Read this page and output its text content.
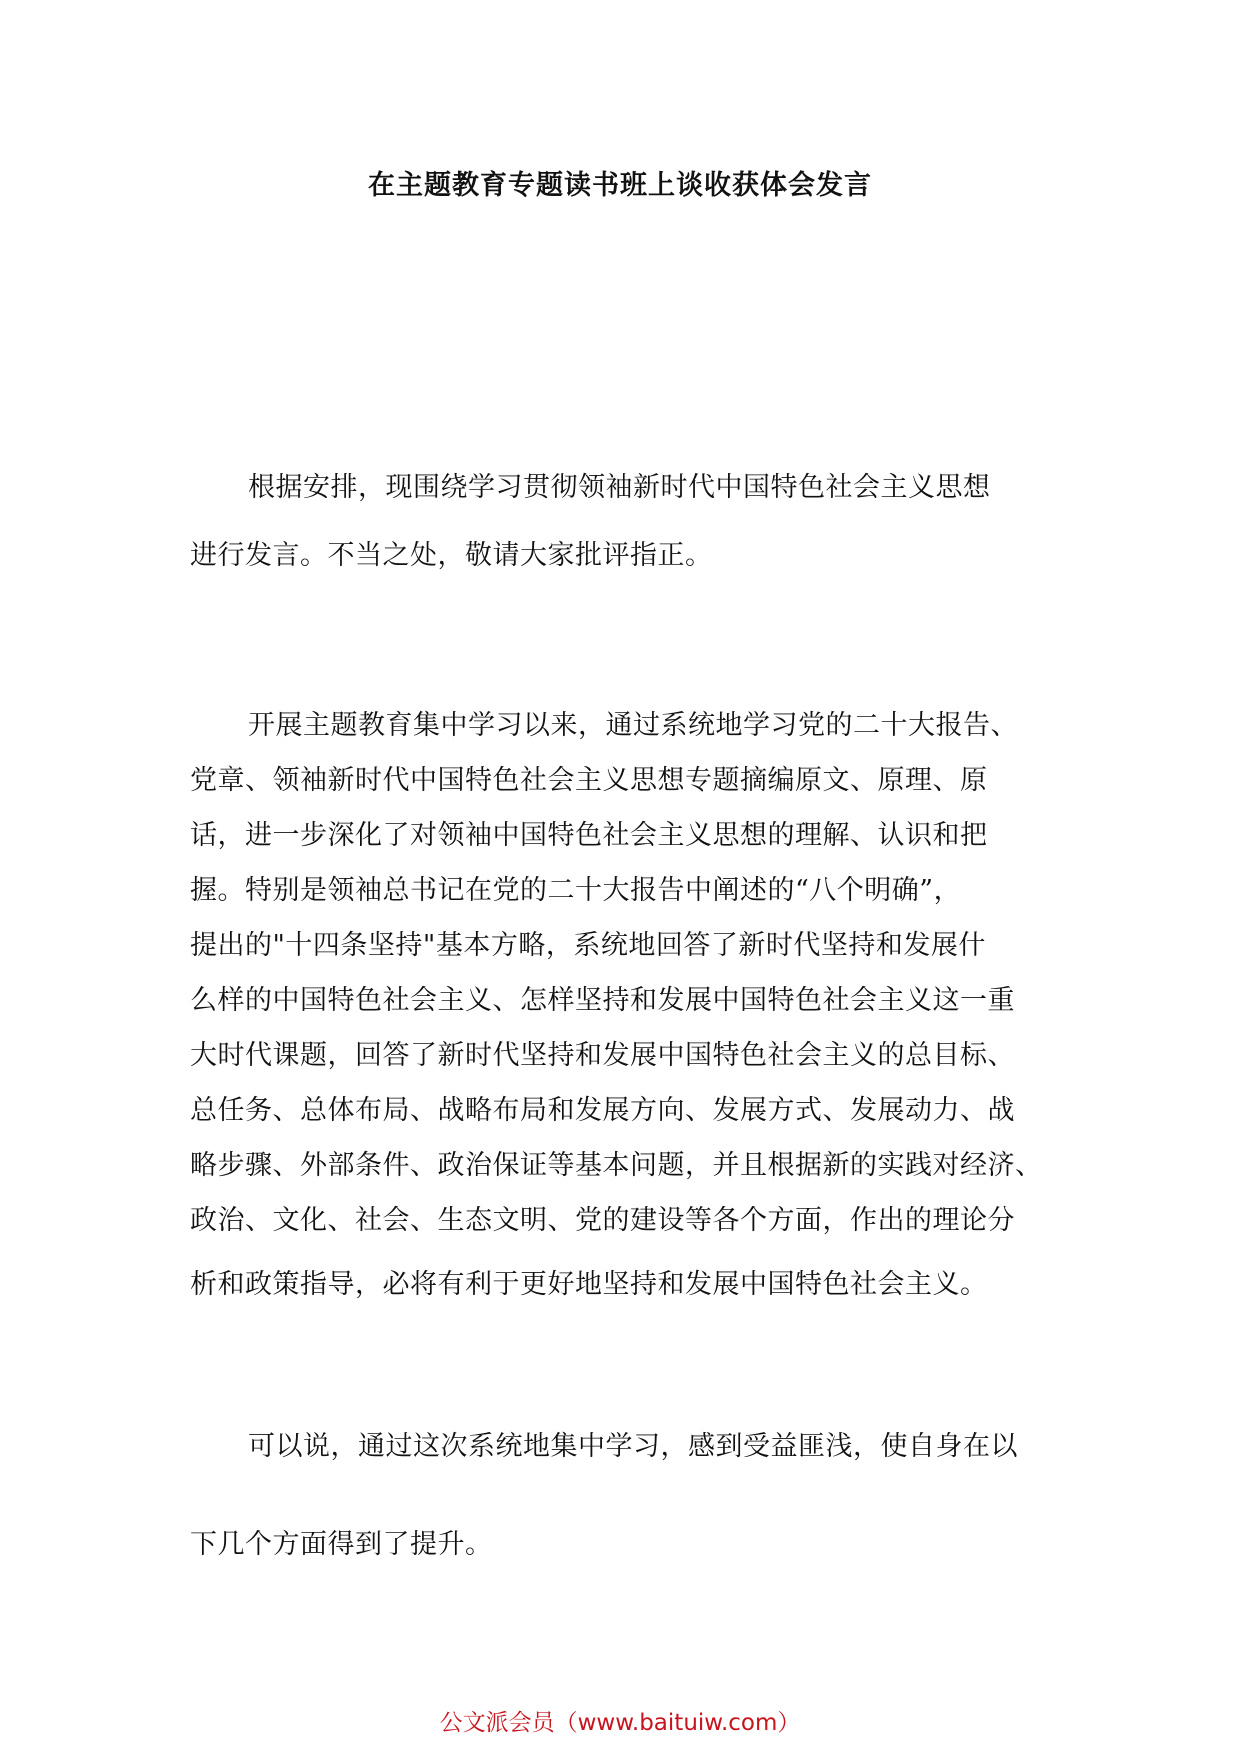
在主题教育专题读书班上谈收获体会发言
根据安排，现围绕学习贯彻领袖新时代中国特色社会主义思想
进行发言。不当之处，敬请大家批评指正。
开展主题教育集中学习以来，通过系统地学习党的二十大报告、
党章、领袖新时代中国特色社会主义思想专题摘编原文、原理、原
话，进一步深化了对领袖中国特色社会主义思想的理解、认识和把
握。特别是领袖总书记在党的二十大报告中阐述的“八个明确”，
提出的"十四条坚持"基本方略，系统地回答了新时代坚持和发展什
么样的中国特色社会主义、怎样坚持和发展中国特色社会主义这一重
大时代课题，回答了新时代坚持和发展中国特色社会主义的总目标、
总任务、总体布局、战略布局和发展方向、发展方式、发展动力、战
略步骤、外部条件、政治保证等基本问题，并且根据新的实践对经济、
政治、文化、社会、生态文明、党的建设等各个方面，作出的理论分
析和政策指导，必将有利于更好地坚持和发展中国特色社会主义。
可以说，通过这次系统地集中学习，感到受益匪浅，使自身在以
下几个方面得到了提升。
公文派会员（www.baituiw.com）
